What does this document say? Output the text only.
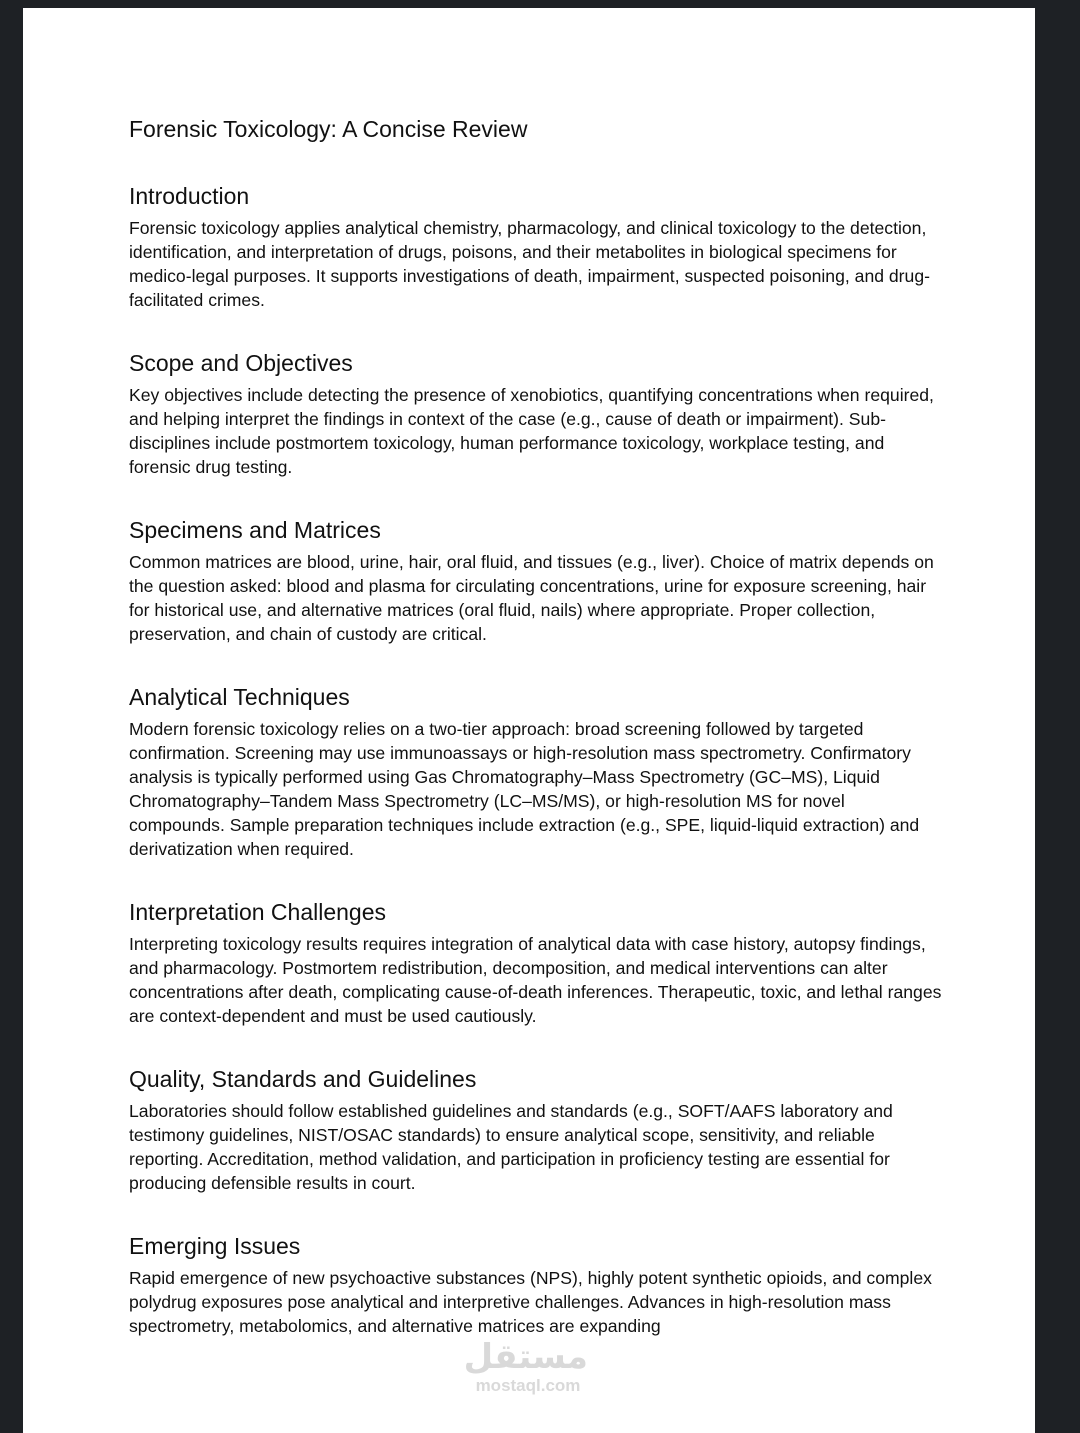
Forensic Toxicology: A Concise Review
Introduction

Forensic toxicology applies analytical chemistry, pharmacology, and clinical toxicology to the detection, identification, and interpretation of drugs, poisons, and their metabolites in biological specimens for medico-legal purposes. It supports investigations of death, impairment, suspected poisoning, and drug-facilitated crimes.

Scope and Objectives

Key objectives include detecting the presence of xenobiotics, quantifying concentrations when required, and helping interpret the findings in context of the case (e.g., cause of death or impairment). Sub-disciplines include postmortem toxicology, human performance toxicology, workplace testing, and forensic drug testing.

Specimens and Matrices

Common matrices are blood, urine, hair, oral fluid, and tissues (e.g., liver). Choice of matrix depends on the question asked: blood and plasma for circulating concentrations, urine for exposure screening, hair for historical use, and alternative matrices (oral fluid, nails) where appropriate. Proper collection, preservation, and chain of custody are critical.

Analytical Techniques

Modern forensic toxicology relies on a two-tier approach: broad screening followed by targeted confirmation. Screening may use immunoassays or high-resolution mass spectrometry. Confirmatory analysis is typically performed using Gas Chromatography–Mass Spectrometry (GC–MS), Liquid Chromatography–Tandem Mass Spectrometry (LC–MS/MS), or high-resolution MS for novel compounds. Sample preparation techniques include extraction (e.g., SPE, liquid-liquid extraction) and derivatization when required.

Interpretation Challenges

Interpreting toxicology results requires integration of analytical data with case history, autopsy findings, and pharmacology. Postmortem redistribution, decomposition, and medical interventions can alter concentrations after death, complicating cause-of-death inferences. Therapeutic, toxic, and lethal ranges are context-dependent and must be used cautiously.

Quality, Standards and Guidelines

Laboratories should follow established guidelines and standards (e.g., SOFT/AAFS laboratory and testimony guidelines, NIST/OSAC standards) to ensure analytical scope, sensitivity, and reliable reporting. Accreditation, method validation, and participation in proficiency testing are essential for producing defensible results in court.

Emerging Issues

Rapid emergence of new psychoactive substances (NPS), highly potent synthetic opioids, and complex polydrug exposures pose analytical and interpretive challenges. Advances in high-resolution mass spectrometry, metabolomics, and alternative matrices are expanding

مستقل
mostaql.com
